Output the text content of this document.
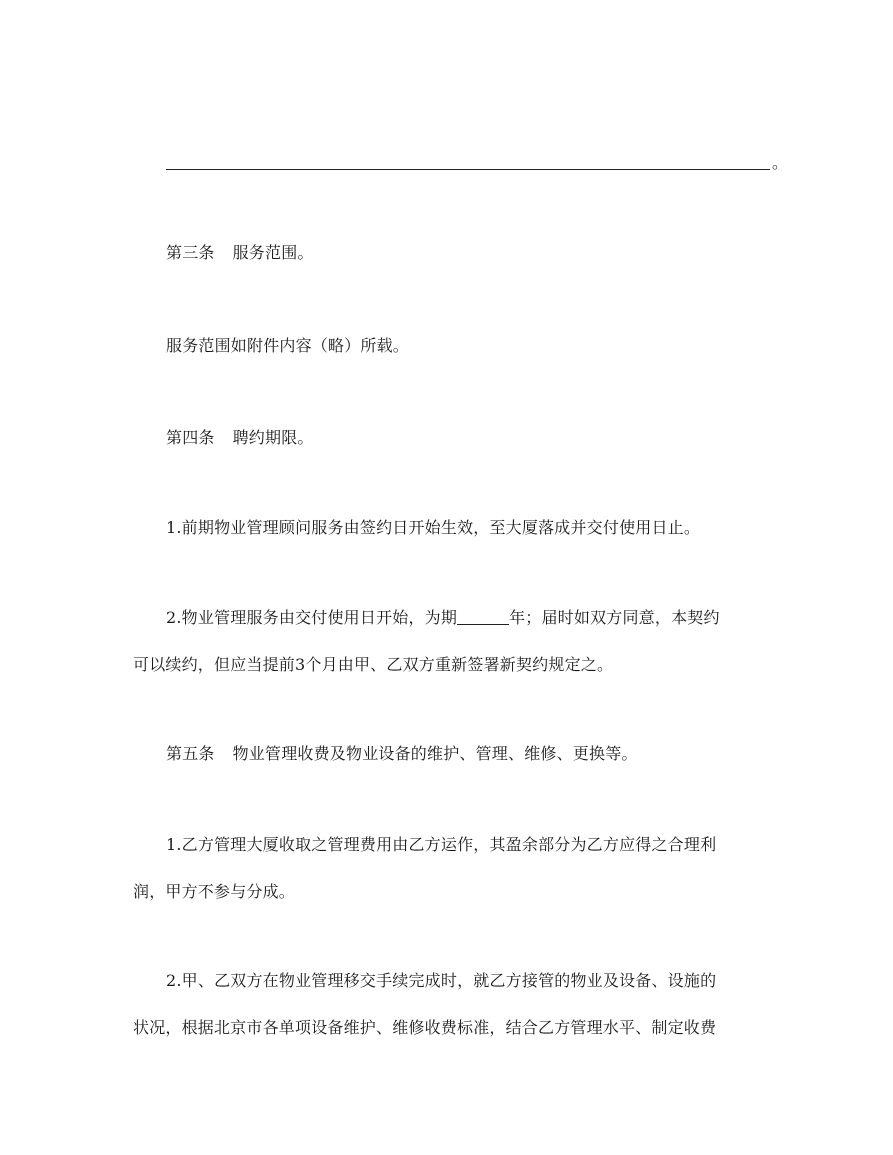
。
第三条 服务范围。
服务范围如附件内容（略）所载。
第四条 聘约期限。
1.前期物业管理顾问服务由签约日开始生效，至大厦落成并交付使用日止。
2.物业管理服务由交付使用日开始，为期	年；届时如双方同意，本契约
可以续约，但应当提前3个月由甲、乙双方重新签署新契约规定之。
第五条 物业管理收费及物业设备的维护、管理、维修、更换等。
1.乙方管理大厦收取之管理费用由乙方运作，其盈余部分为乙方应得之合理利
润，甲方不参与分成。
2.甲、乙双方在物业管理移交手续完成时，就乙方接管的物业及设备、设施的
状况，根据北京市各单项设备维护、维修收费标准，结合乙方管理水平、制定收费
